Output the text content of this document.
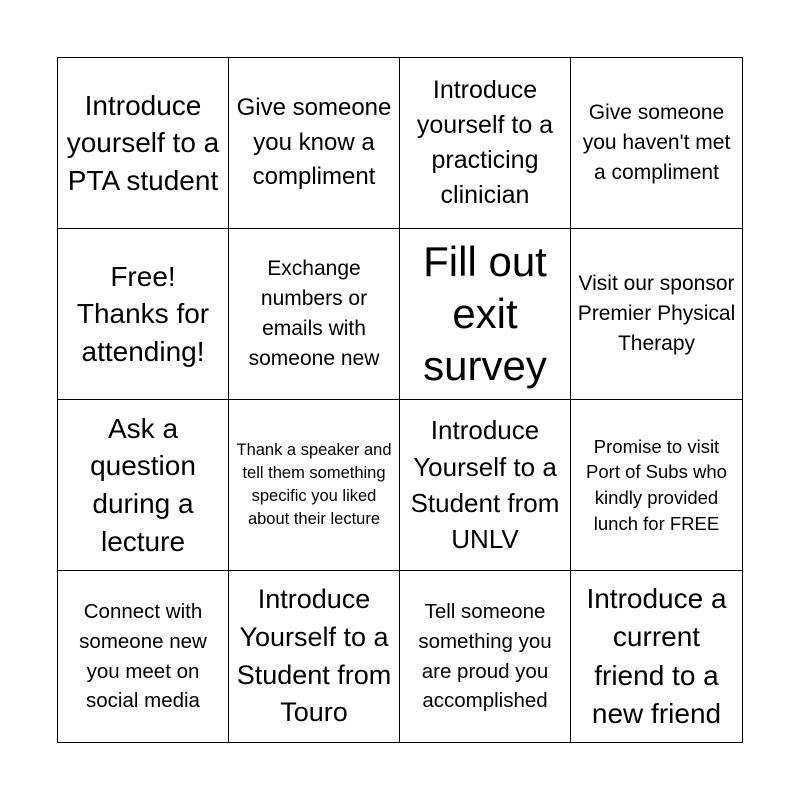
Introduce yourself to a PTA student
Give someone you know a compliment
Introduce yourself to a practicing clinician
Give someone you haven't met a compliment
Free! Thanks for attending!
Exchange numbers or emails with someone new
Fill out exit survey
Visit our sponsor Premier Physical Therapy
Ask a question during a lecture
Thank a speaker and tell them something specific you liked about their lecture
Introduce Yourself to a Student from UNLV
Promise to visit Port of Subs who kindly provided lunch for FREE
Connect with someone new you meet on social media
Introduce Yourself to a Student from Touro
Tell someone something you are proud you accomplished
Introduce a current friend to a new friend
